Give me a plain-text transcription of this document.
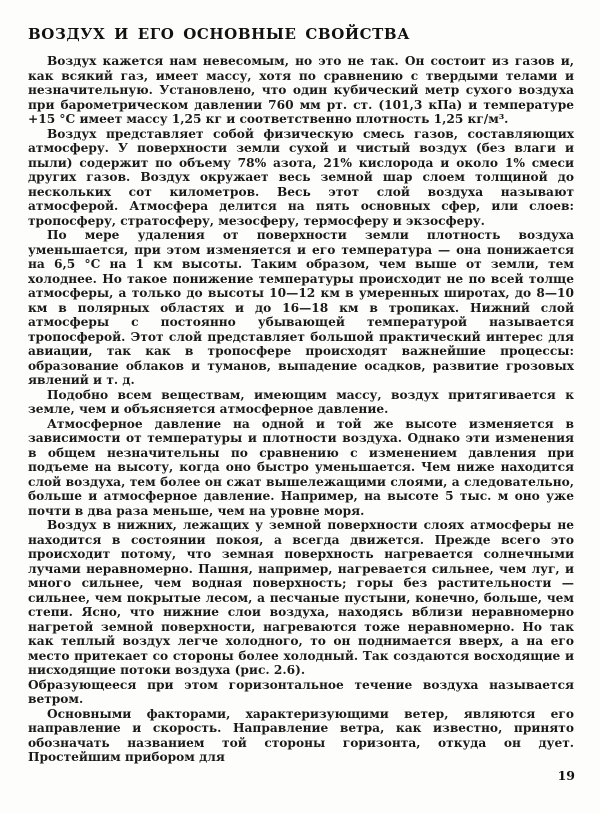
ВОЗДУХ И ЕГО ОСНОВНЫЕ СВОЙСТВА

Воздух кажется нам невесомым, но это не так. Он состоит из газов и, как всякий газ, имеет массу, хотя по сравнению с твердыми телами и незначительную. Установлено, что один кубический метр сухого воздуха при барометрическом давлении 760 мм рт. ст. (101,3 кПа) и температуре +15 °С имеет массу 1,25 кг и соответственно плотность 1,25 кг/м³.

Воздух представляет собой физическую смесь газов, составляющих атмосферу. У поверхности земли сухой и чистый воздух (без влаги и пыли) содержит по объему 78% азота, 21% кислорода и около 1% смеси других газов. Воздух окружает весь земной шар слоем толщиной до нескольких сот километров. Весь этот слой воздуха называют атмосферой. Атмосфера делится на пять основных сфер, или слоев: тропосферу, стратосферу, мезосферу, термосферу и экзосферу.

По мере удаления от поверхности земли плотность воздуха уменьшается, при этом изменяется и его температура — она понижается на 6,5 °С на 1 км высоты. Таким образом, чем выше от земли, тем холоднее. Но такое понижение температуры происходит не по всей толще атмосферы, а только до высоты 10—12 км в умеренных широтах, до 8—10 км в полярных областях и до 16—18 км в тропиках. Нижний слой атмосферы с постоянно убывающей температурой называется тропосферой. Этот слой представляет большой практический интерес для авиации, так как в тропосфере происходят важнейшие процессы: образование облаков и туманов, выпадение осадков, развитие грозовых явлений и т. д.

Подобно всем веществам, имеющим массу, воздух притягивается к земле, чем и объясняется атмосферное давление.

Атмосферное давление на одной и той же высоте изменяется в зависимости от температуры и плотности воздуха. Однако эти изменения в общем незначительны по сравнению с изменением давления при подъеме на высоту, когда оно быстро уменьшается. Чем ниже находится слой воздуха, тем более он сжат вышележащими слоями, а следовательно, больше и атмосферное давление. Например, на высоте 5 тыс. м оно уже почти в два раза меньше, чем на уровне моря.

Воздух в нижних, лежащих у земной поверхности слоях атмосферы не находится в состоянии покоя, а всегда движется. Прежде всего это происходит потому, что земная поверхность нагревается солнечными лучами неравномерно. Пашня, например, нагревается сильнее, чем луг, и много сильнее, чем водная поверхность; горы без растительности — сильнее, чем покрытые лесом, а песчаные пустыни, конечно, больше, чем степи. Ясно, что нижние слои воздуха, находясь вблизи неравномерно нагретой земной поверхности, нагреваются тоже неравномерно. Но так как теплый воздух легче холодного, то он поднимается вверх, а на его место притекает со стороны более холодный. Так создаются восходящие и нисходящие потоки воздуха (рис. 2.6).

Образующееся при этом горизонтальное течение воздуха называется ветром.

Основными факторами, характеризующими ветер, являются его направление и скорость. Направление ветра, как известно, принято обозначать названием той стороны горизонта, откуда он дует. Простейшим прибором для

19
